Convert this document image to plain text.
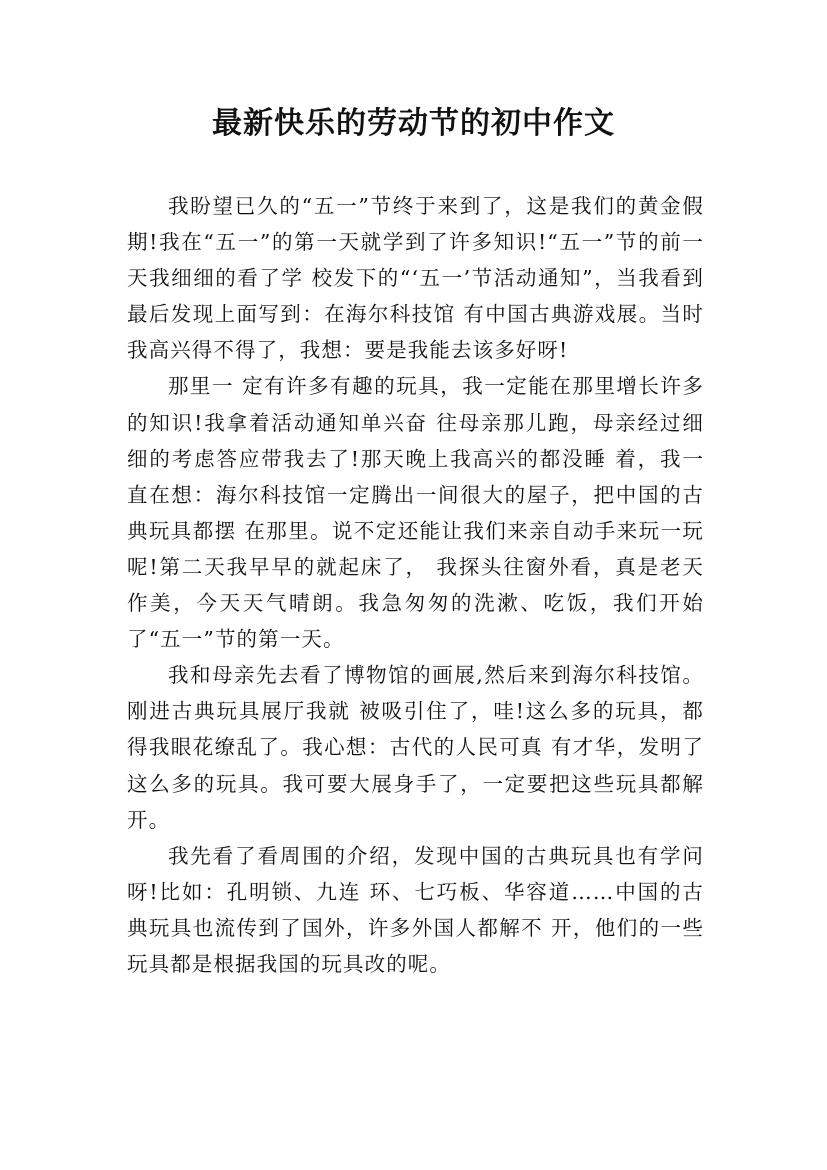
最新快乐的劳动节的初中作文

我盼望已久的“五一”节终于来到了，这是我们的黄金假期!我在“五一”的第一天就学到了许多知识!“五一”节的前一天我细细的看了学 校发下的“‘五一’节活动通知”，当我看到最后发现上面写到：在海尔科技馆 有中国古典游戏展。当时我高兴得不得了，我想：要是我能去该多好呀!

那里一 定有许多有趣的玩具，我一定能在那里增长许多的知识!我拿着活动通知单兴奋 往母亲那儿跑，母亲经过细细的考虑答应带我去了!那天晚上我高兴的都没睡 着，我一直在想：海尔科技馆一定腾出一间很大的屋子，把中国的古典玩具都摆 在那里。说不定还能让我们来亲自动手来玩一玩呢!第二天我早早的就起床了， 我探头往窗外看，真是老天作美，今天天气晴朗。我急匆匆的洗漱、吃饭，我们开始了“五一”节的第一天。

我和母亲先去看了博物馆的画展,然后来到海尔科技馆。刚进古典玩具展厅我就 被吸引住了，哇!这么多的玩具，都得我眼花缭乱了。我心想：古代的人民可真 有才华，发明了这么多的玩具。我可要大展身手了，一定要把这些玩具都解开。

我先看了看周围的介绍，发现中国的古典玩具也有学问呀!比如：孔明锁、九连 环、七巧板、华容道……中国的古典玩具也流传到了国外，许多外国人都解不 开，他们的一些玩具都是根据我国的玩具改的呢。
